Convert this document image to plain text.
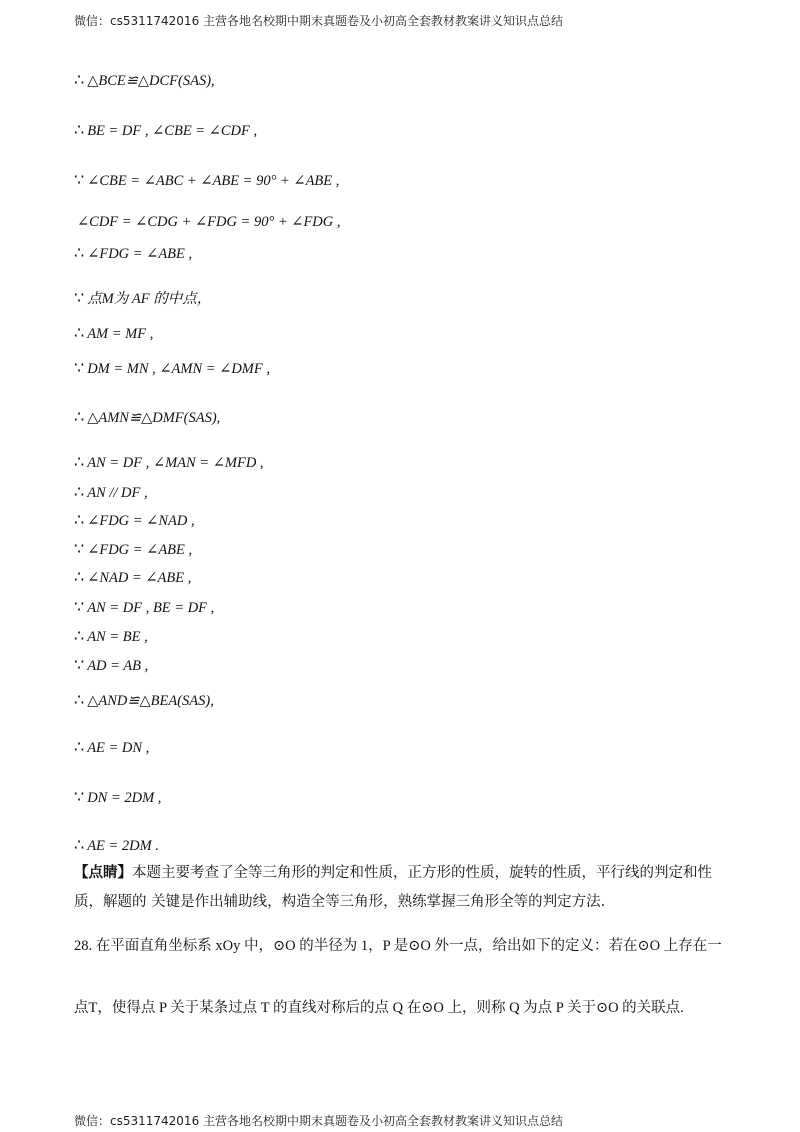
微信：cs5311742016 主营各地名校期中期末真题卷及小初高全套教材教案讲义知识点总结
∴ △BCE≌△DCF(SAS),
∴ BE = DF , ∠CBE = ∠CDF ,
∵ ∠CBE = ∠ABC + ∠ABE = 90° + ∠ABE ,
∠CDF = ∠CDG + ∠FDG = 90° + ∠FDG ,
∴ ∠FDG = ∠ABE ,
∵ 点M为 AF 的中点，
∴ AM = MF ,
∵ DM = MN , ∠AMN = ∠DMF ,
∴ △AMN≌△DMF(SAS),
∴ AN = DF , ∠MAN = ∠MFD ,
∴ AN // DF ,
∴ ∠FDG = ∠NAD ,
∵ ∠FDG = ∠ABE ,
∴ ∠NAD = ∠ABE ,
∵ AN = DF , BE = DF ,
∴ AN = BE ,
∵ AD = AB ,
∴ △AND≌△BEA(SAS),
∴ AE = DN ,
∵ DN = 2DM ,
∴ AE = 2DM .
【点睛】本题主要考查了全等三角形的判定和性质，正方形的性质，旋转的性质，平行线的判定和性质，解题的 关键是作出辅助线，构造全等三角形，熟练掌握三角形全等的判定方法.
28. 在平面直角坐标系 xOy 中，⊙O 的半径为 1，P 是⊙O 外一点，给出如下的定义：若在⊙O 上存在一
点T，使得点 P 关于某条过点 T 的直线对称后的点 Q 在⊙O 上，则称 Q 为点 P 关于⊙O 的关联点.
微信：cs5311742016 主营各地名校期中期末真题卷及小初高全套教材教案讲义知识点总结
